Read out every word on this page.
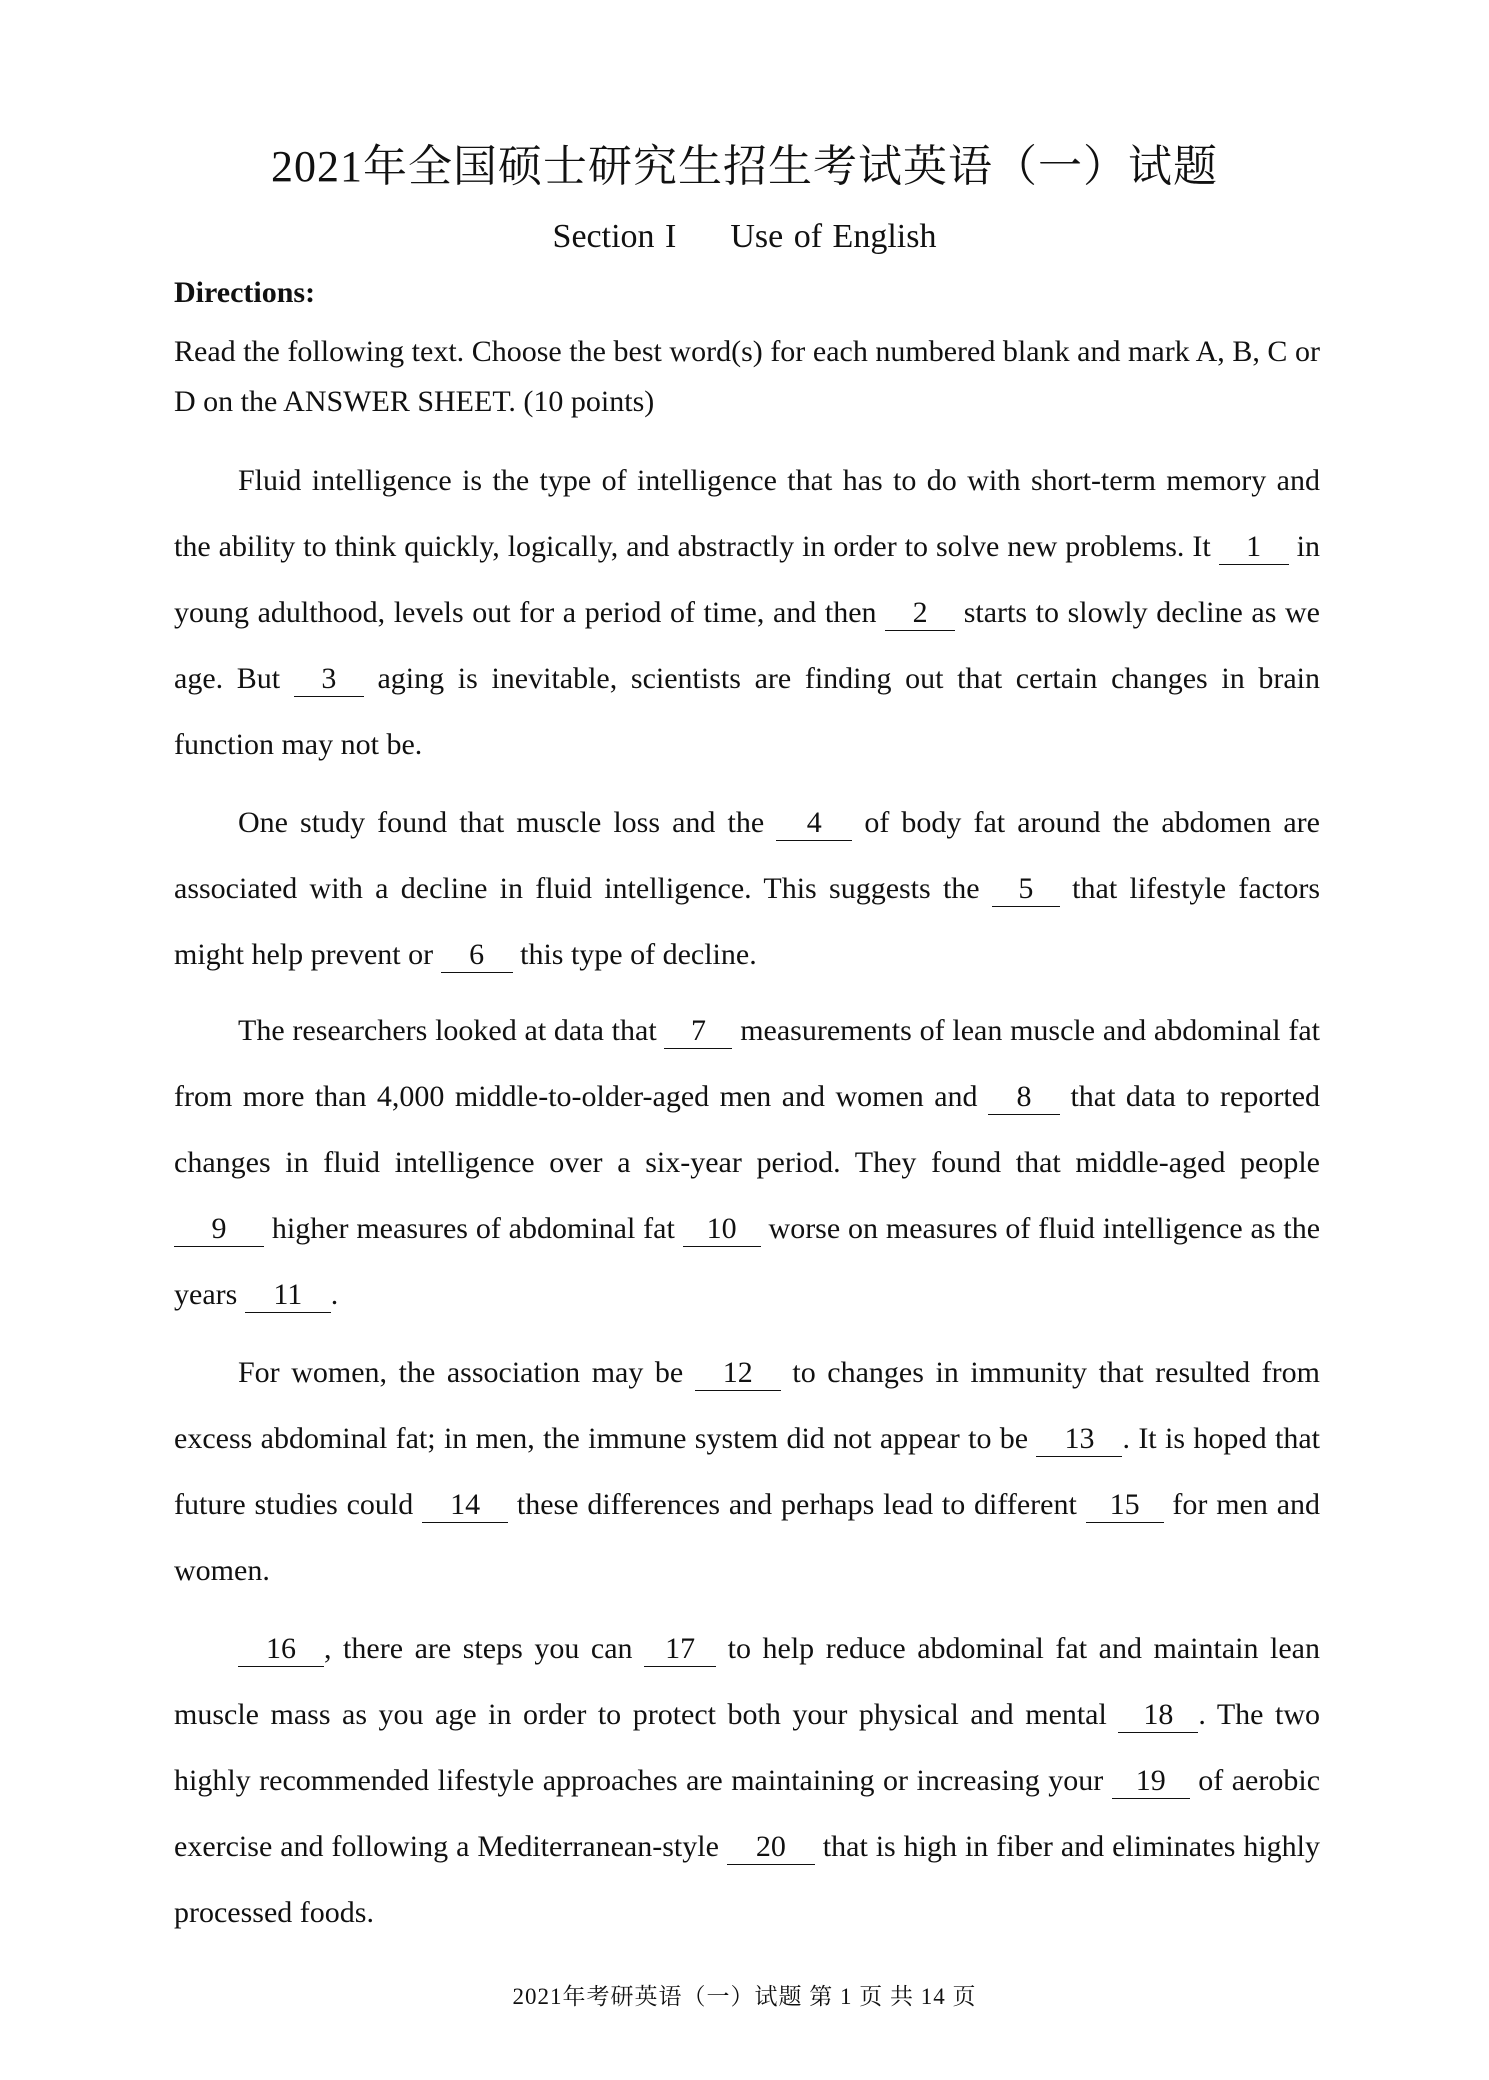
2021年全国硕士研究生招生考试英语（一）试题
Section I Use of English
Directions:
Read the following text. Choose the best word(s) for each numbered blank and mark A, B, C or D on the ANSWER SHEET. (10 points)
Fluid intelligence is the type of intelligence that has to do with short-term memory and the ability to think quickly, logically, and abstractly in order to solve new problems. It 1 in young adulthood, levels out for a period of time, and then 2 starts to slowly decline as we age. But 3 aging is inevitable, scientists are finding out that certain changes in brain function may not be.
One study found that muscle loss and the 4 of body fat around the abdomen are associated with a decline in fluid intelligence. This suggests the 5 that lifestyle factors might help prevent or 6 this type of decline.
The researchers looked at data that 7 measurements of lean muscle and abdominal fat from more than 4,000 middle-to-older-aged men and women and 8 that data to reported changes in fluid intelligence over a six-year period. They found that middle-aged people 9 higher measures of abdominal fat 10 worse on measures of fluid intelligence as the years 11 .
For women, the association may be 12 to changes in immunity that resulted from excess abdominal fat; in men, the immune system did not appear to be 13 . It is hoped that future studies could 14 these differences and perhaps lead to different 15 for men and women.
16 , there are steps you can 17 to help reduce abdominal fat and maintain lean muscle mass as you age in order to protect both your physical and mental 18 . The two highly recommended lifestyle approaches are maintaining or increasing your 19 of aerobic exercise and following a Mediterranean-style 20 that is high in fiber and eliminates highly processed foods.
2021年考研英语（一）试题 第 1 页 共 14 页
